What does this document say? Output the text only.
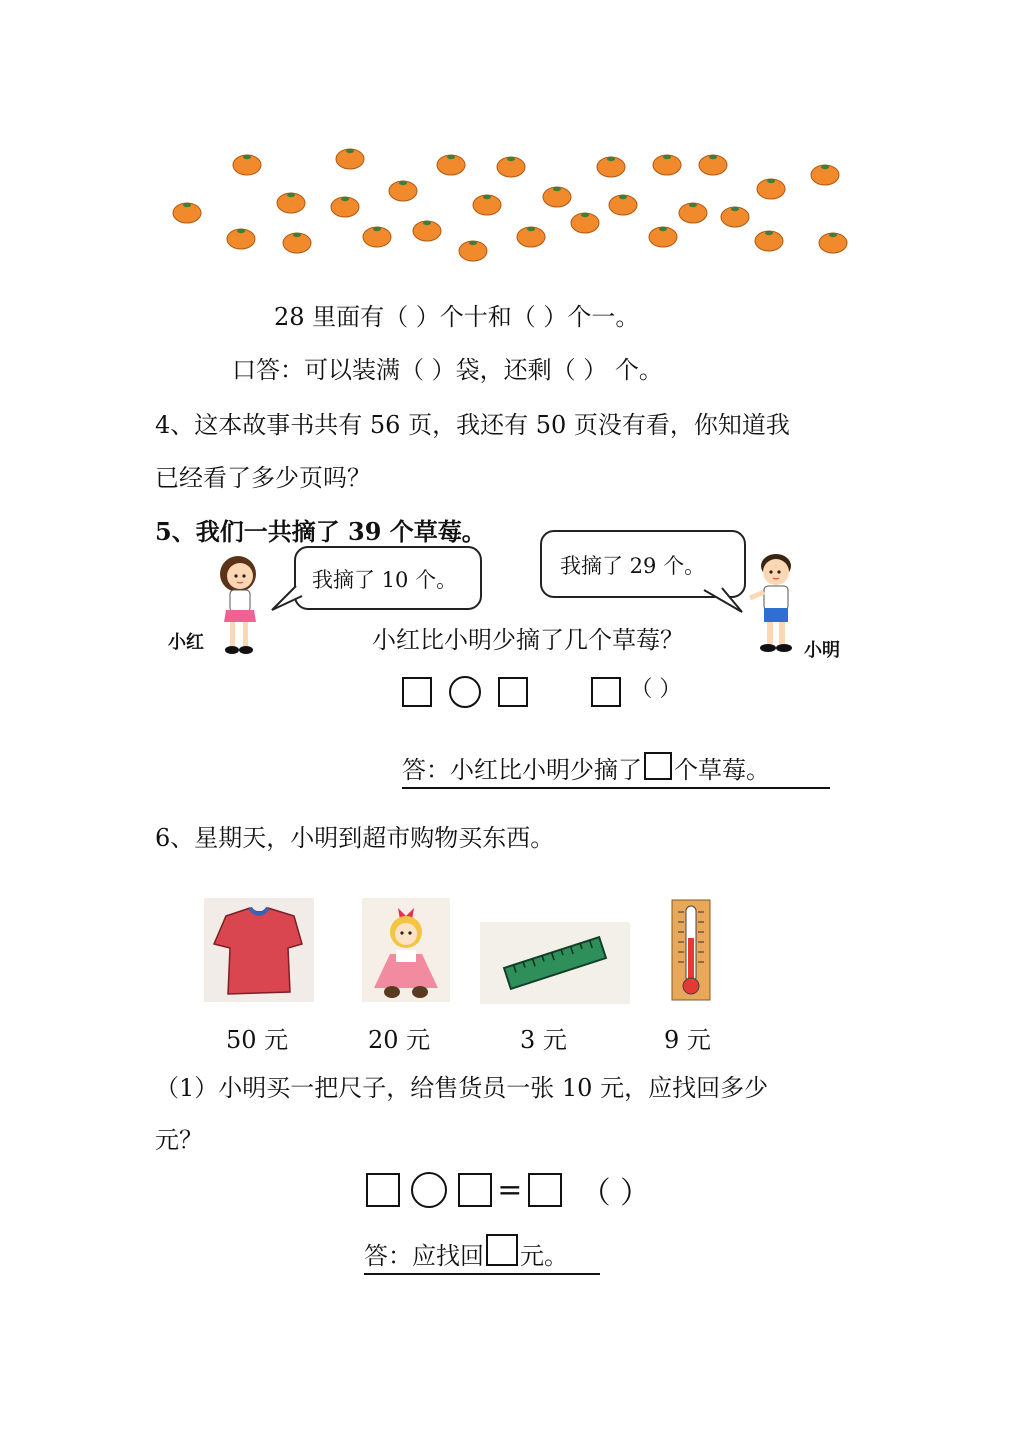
28 里面有（ ）个十和（ ）个一。
口答：可以装满（ ）袋，还剩（ ） 个。
4、这本故事书共有 56 页，我还有 50 页没有看，你知道我
已经看了多少页吗？
5、我们一共摘了 39 个草莓。
小红
我摘了 10 个。
我摘了 29 个。
小明
小红比小明少摘了几个草莓？
（ ）
答：小红比小明少摘了 个草莓。
6、星期天，小明到超市购物买东西。
50 元	20 元	3 元	9 元
（1）小明买一把尺子，给售货员一张 10 元，应找回多少
元？
= （ ）
答：应找回 元。
